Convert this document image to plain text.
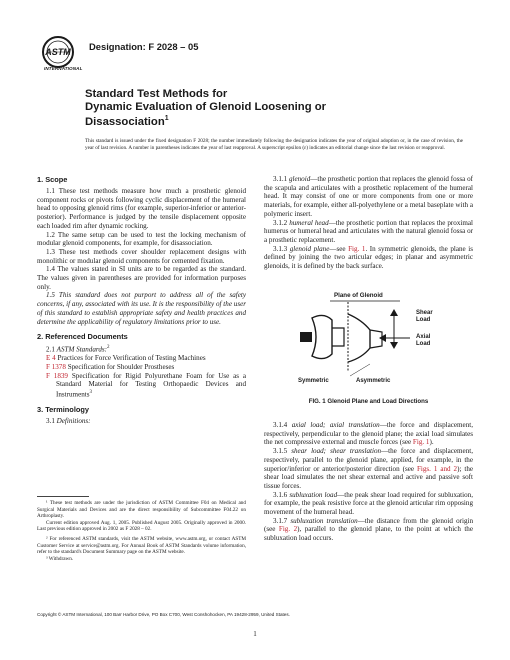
ASTM
INTERNATIONAL
Designation: F 2028 – 05
Standard Test Methods for
Dynamic Evaluation of Glenoid Loosening or
Disassociation$^1$
This standard is issued under the fixed designation F 2028; the number immediately following the designation indicates the year of original adoption or, in the case of revision, the year of last revision. A number in parentheses indicates the year of last reapproval. A superscript epsilon (ε) indicates an editorial change since the last revision or reapproval.
1. Scope

1.1 These test methods measure how much a prosthetic glenoid component rocks or pivots following cyclic displacement of the humeral head to opposing glenoid rims (for example, superior-inferior or anterior-posterior). Performance is judged by the tensile displacement opposite each loaded rim after dynamic rocking.

1.2 The same setup can be used to test the locking mechanism of modular glenoid components, for example, for disassociation.

1.3 These test methods cover shoulder replacement designs with monolithic or modular glenoid components for cemented fixation.

1.4 The values stated in SI units are to be regarded as the standard. The values given in parentheses are provided for information purposes only.

1.5 This standard does not purport to address all of the safety concerns, if any, associated with its use. It is the responsibility of the user of this standard to establish appropriate safety and health practices and determine the applicability of regulatory limitations prior to use.

2. Referenced Documents

2.1 ASTM Standards:$^2$

E 4 Practices for Force Verification of Testing Machines

F 1378 Specification for Shoulder Prostheses

F 1839 Specification for Rigid Polyurethane Foam for Use as a Standard Material for Testing Orthopaedic Devices and Instruments$^3$

3. Terminology

3.1 Definitions:

¹ These test methods are under the jurisdiction of ASTM Committee F04 on Medical and Surgical Materials and Devices and are the direct responsibility of Subcommittee F04.22 on Arthroplasty.

Current edition approved Aug. 1, 2005. Published August 2005. Originally approved in 2000. Last previous edition approved in 2002 as F 2028 – 02.

² For referenced ASTM standards, visit the ASTM website, www.astm.org, or contact ASTM Customer Service at service@astm.org. For Annual Book of ASTM Standards volume information, refer to the standard's Document Summary page on the ASTM website.

³ Withdrawn.

3.1.1 glenoid—the prosthetic portion that replaces the glenoid fossa of the scapula and articulates with a prosthetic replacement of the humeral head. It may consist of one or more components from one or more materials, for example, either all-polyethylene or a metal baseplate with a polymeric insert.

3.1.2 humeral head—the prosthetic portion that replaces the proximal humerus or humeral head and articulates with the natural glenoid fossa or a prosthetic replacement.

3.1.3 glenoid plane—see Fig. 1. In symmetric glenoids, the plane is defined by joining the two articular edges; in planar and asymmetric glenoids, it is defined by the back surface.

Plane of Glenoid
Shear
Load
Axial
Load
Symmetric	Asymmetric
FIG. 1 Glenoid Plane and Load Directions

3.1.4 axial load; axial translation—the force and displacement, respectively, perpendicular to the glenoid plane; the axial load simulates the net compressive external and muscle forces (see Fig. 1).

3.1.5 shear load; shear translation—the force and displacement, respectively, parallel to the glenoid plane, applied, for example, in the superior/inferior or anterior/posterior direction (see Figs. 1 and 2); the shear load simulates the net shear external and active and passive soft tissue forces.

3.1.6 subluxation load—the peak shear load required for subluxation, for example, the peak resistive force at the glenoid articular rim opposing movement of the humeral head.

3.1.7 subluxation translation—the distance from the glenoid origin (see Fig. 2), parallel to the glenoid plane, to the point at which the subluxation load occurs.

Copyright © ASTM International, 100 Barr Harbor Drive, PO Box C700, West Conshohocken, PA 19428-2959, United States.
1
